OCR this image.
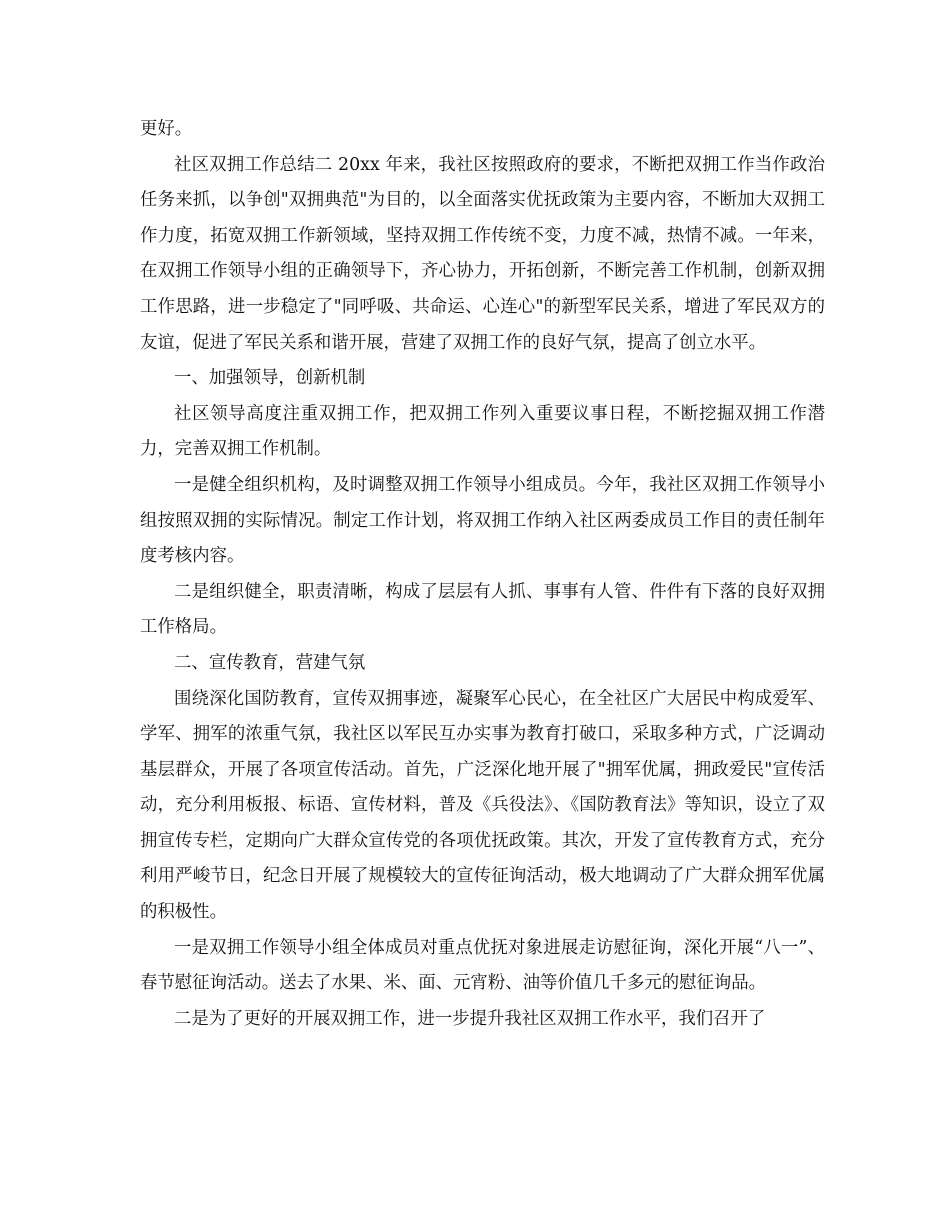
更好。

社区双拥工作总结二 20xx 年来，我社区按照政府的要求，不断把双拥工作当作政治任务来抓，以争创"双拥典范"为目的，以全面落实优抚政策为主要内容，不断加大双拥工作力度，拓宽双拥工作新领域，坚持双拥工作传统不变，力度不减，热情不减。一年来，在双拥工作领导小组的正确领导下，齐心协力，开拓创新，不断完善工作机制，创新双拥工作思路，进一步稳定了"同呼吸、共命运、心连心"的新型军民关系，增进了军民双方的友谊，促进了军民关系和谐开展，营建了双拥工作的良好气氛，提高了创立水平。

一、加强领导，创新机制

社区领导高度注重双拥工作，把双拥工作列入重要议事日程，不断挖掘双拥工作潜力，完善双拥工作机制。

一是健全组织机构，及时调整双拥工作领导小组成员。今年，我社区双拥工作领导小组按照双拥的实际情况。制定工作计划，将双拥工作纳入社区两委成员工作目的责任制年度考核内容。

二是组织健全，职责清晰，构成了层层有人抓、事事有人管、件件有下落的良好双拥工作格局。

二、宣传教育，营建气氛

围绕深化国防教育，宣传双拥事迹，凝聚军心民心，在全社区广大居民中构成爱军、学军、拥军的浓重气氛，我社区以军民互办实事为教育打破口，采取多种方式，广泛调动基层群众，开展了各项宣传活动。首先，广泛深化地开展了"拥军优属，拥政爱民"宣传活动，充分利用板报、标语、宣传材料，普及《兵役法》、《国防教育法》等知识，设立了双拥宣传专栏，定期向广大群众宣传党的各项优抚政策。其次，开发了宣传教育方式，充分利用严峻节日，纪念日开展了规模较大的宣传征询活动，极大地调动了广大群众拥军优属的积极性。

一是双拥工作领导小组全体成员对重点优抚对象进展走访慰征询，深化开展“八一”、春节慰征询活动。送去了水果、米、面、元宵粉、油等价值几千多元的慰征询品。

二是为了更好的开展双拥工作，进一步提升我社区双拥工作水平，我们召开了
